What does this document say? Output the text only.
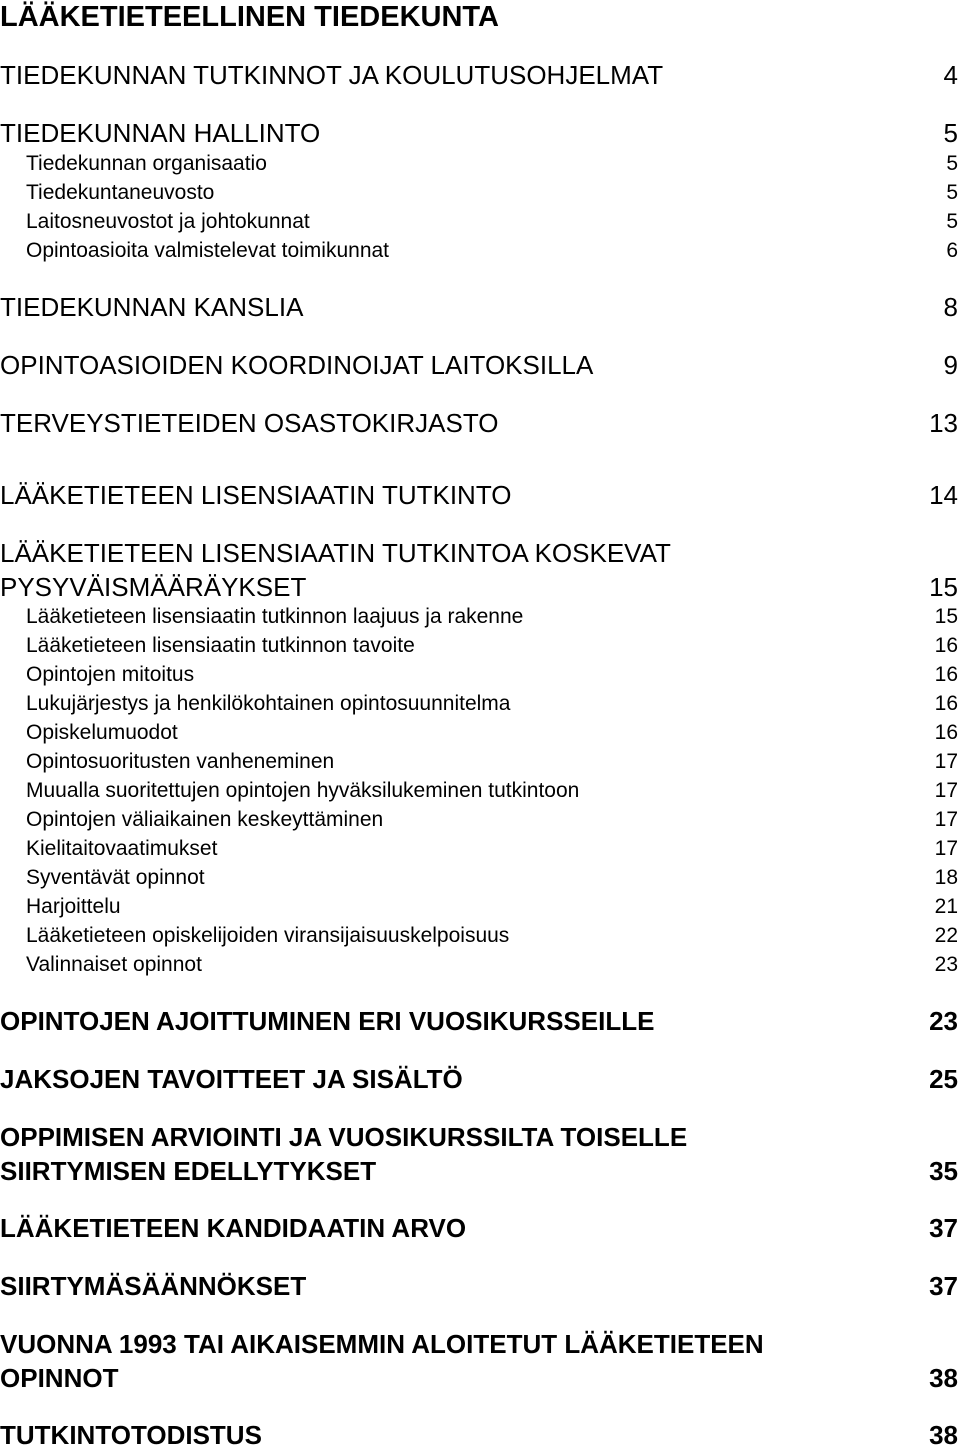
LÄÄKETIETEELLINEN TIEDEKUNTA
TIEDEKUNNAN TUTKINNOT JA KOULUTUSOHJELMAT	4
TIEDEKUNNAN HALLINTO	5
Tiedekunnan organisaatio	5
Tiedekuntaneuvosto	5
Laitosneuvostot ja johtokunnat	5
Opintoasioita valmistelevat toimikunnat	6
TIEDEKUNNAN KANSLIA	8
OPINTOASIOIDEN KOORDINOIJAT LAITOKSILLA	9
TERVEYSTIETEIDEN OSASTOKIRJASTO	13
LÄÄKETIETEEN LISENSIAATIN TUTKINTO	14
LÄÄKETIETEEN LISENSIAATIN TUTKINTOA KOSKEVAT
PYSYVÄISMÄÄRÄYKSET	15
Lääketieteen lisensiaatin tutkinnon laajuus ja rakenne	15
Lääketieteen lisensiaatin tutkinnon tavoite	16
Opintojen mitoitus	16
Lukujärjestys ja henkilökohtainen opintosuunnitelma	16
Opiskelumuodot	16
Opintosuoritusten vanheneminen	17
Muualla suoritettujen opintojen hyväksilukeminen tutkintoon	17
Opintojen väliaikainen keskeyttäminen	17
Kielitaitovaatimukset	17
Syventävät opinnot	18
Harjoittelu	21
Lääketieteen opiskelijoiden viransijaisuuskelpoisuus	22
Valinnaiset opinnot	23
OPINTOJEN AJOITTUMINEN ERI VUOSIKURSSEILLE	23
JAKSOJEN TAVOITTEET JA SISÄLTÖ	25
OPPIMISEN ARVIOINTI JA VUOSIKURSSILTA TOISELLE
SIIRTYMISEN EDELLYTYKSET	35
LÄÄKETIETEEN KANDIDAATIN ARVO	37
SIIRTYMÄSÄÄNNÖKSET	37
VUONNA 1993 TAI AIKAISEMMIN ALOITETUT LÄÄKETIETEEN
OPINNOT	38
TUTKINTOTODISTUS	38
